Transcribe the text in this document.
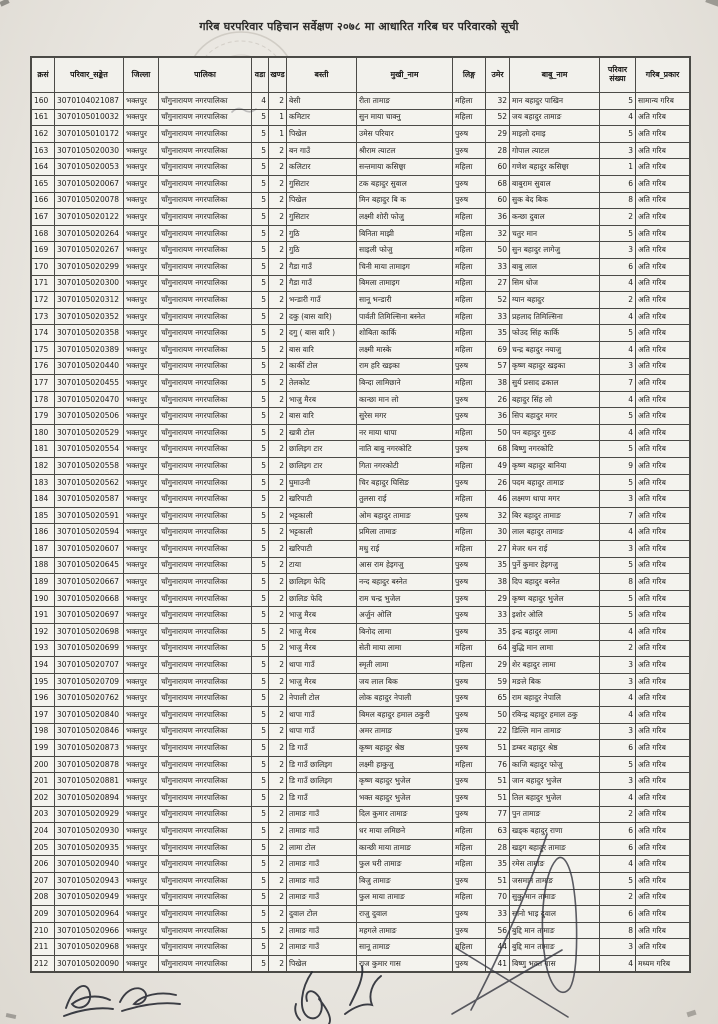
गरिब घरपरिवार पहिचान सर्वेक्षण २०७८ मा आधारित गरिब घर परिवारको सूची
क्रसं	परिवार_सङ्केत	जिल्ला	पालिका	वडा	खण्ड	बस्ती	मुखी_नाम	लिङ्ग	उमेर	बाबु_नाम	परिवार संख्या	गरिब_प्रकार
160	3070104021087	भक्तपुर	चाँगुनारायण नगरपालिका	4	2	बेसी	रीता तामाङ	महिला	32	मान बहादुर पाखिन	5	सामान्य गरिब
161	3070105010032	भक्तपुर	चाँगुनारायण नगरपालिका	5	1	कमिटार	सुन माया चाक्नु	महिला	52	जय बहादुर तामाङ	4	अति गरिब
162	3070105010172	भक्तपुर	चाँगुनारायण नगरपालिका	5	1	पिखेल	उमेस परियार	पुरुष	29	माइलो दमाइ	5	अति गरिब
163	3070105020030	भक्तपुर	चाँगुनारायण नगरपालिका	5	2	बन गाउँ	श्रीराम त्याटल	पुरुष	28	गोपाल त्याटल	3	अति गरिब
164	3070105020053	भक्तपुर	चाँगुनारायण नगरपालिका	5	2	कलिटार	सन्तमाया कसिछ्वा	महिला	60	गणेश बहादुर कसिछ्वा	1	अति गरिब
165	3070105020067	भक्तपुर	चाँगुनारायण नगरपालिका	5	2	गुसिटार	टक बहादुर सुवाल	पुरुष	68	बाबुराम सुवाल	6	अति गरिब
166	3070105020078	भक्तपुर	चाँगुनारायण नगरपालिका	5	2	पिखेल	मिन बहादुर बि क	पुरुष	60	सुक बेद बिक	8	अति गरिब
167	3070105020122	भक्तपुर	चाँगुनारायण नगरपालिका	5	2	गुसिटार	लक्ष्मी शोरी फोजु	महिला	36	कन्छा दुवाल	2	अति गरिब
168	3070105020264	भक्तपुर	चाँगुनारायण नगरपालिका	5	2	गुठि	बिनिता माझी	महिला	32	चतुर मान	5	अति गरिब
169	3070105020267	भक्तपुर	चाँगुनारायण नगरपालिका	5	2	गुठि	साइली फोजु	महिला	50	सुन बहादुर लागेजु	3	अति गरिब
170	3070105020299	भक्तपुर	चाँगुनारायण नगरपालिका	5	2	गैडा गाउँ	चिनी माया तामाइग	महिला	33	बाबु लाल	6	अति गरिब
171	3070105020300	भक्तपुर	चाँगुनारायण नगरपालिका	5	2	गैडा गाउँ	बिमला तामाइग	महिला	27	सिम धोज	4	अति गरिब
172	3070105020312	भक्तपुर	चाँगुनारायण नगरपालिका	5	2	भन्डारी गाउँ	सानू भन्डारी	महिला	52	ग्यान बहादुर	2	अति गरिब
173	3070105020352	भक्तपुर	चाँगुनारायण नगरपालिका	5	2	दकु (बास वारि)	पार्वती तिमिल्सिना बस्नेत	महिला	33	प्रहलाद तिमिल्सिना	4	अति गरिब
174	3070105020358	भक्तपुर	चाँगुनारायण नगरपालिका	5	2	दगु ( बास वारि )	शोबिता कार्कि	महिला	35	फोउद सिंह कार्कि	5	अति गरिब
175	3070105020389	भक्तपुर	चाँगुनारायण नगरपालिका	5	2	बास वारि	लक्ष्मी मास्के	महिला	69	चन्द्र बहादुर नयाजु	4	अति गरिब
176	3070105020440	भक्तपुर	चाँगुनारायण नगरपालिका	5	2	कार्की टोल	राम हरि खइका	पुरुष	57	कृष्ण बहादुर खइका	3	अति गरिब
177	3070105020455	भक्तपुर	चाँगुनारायण नगरपालिका	5	2	तेलकोट	बिन्दा लामिछाने	महिला	38	सुर्य प्रसाद ढकाल	7	अति गरिब
178	3070105020470	भक्तपुर	चाँगुनारायण नगरपालिका	5	2	भाजु मैरब	कान्छा मान लो	पुरुष	26	बहादुर सिंह लो	4	अति गरिब
179	3070105020506	भक्तपुर	चाँगुनारायण नगरपालिका	5	2	बास वारि	सुरेस मगर	पुरुष	36	सिप बहादुर मगर	5	अति गरिब
180	3070105020529	भक्तपुर	चाँगुनारायण नगरपालिका	5	2	खत्री टोल	नर माया थापा	महिला	50	पन बहादुर गुरुङ	4	अति गरिब
181	3070105020554	भक्तपुर	चाँगुनारायण नगरपालिका	5	2	छालिइग टार	नाति बाबु नगरकोटि	पुरुष	68	बिष्णु नगरकोटि	5	अति गरिब
182	3070105020558	भक्तपुर	चाँगुनारायण नगरपालिका	5	2	छालिइग टार	गिता नगरकोटी	महिला	49	कृष्ण बहादुर बानिया	9	अति गरिब
183	3070105020562	भक्तपुर	चाँगुनारायण नगरपालिका	5	2	घुमाउनी	चिर बहादुर घिसिङ	पुरुष	26	पदम बहादुर तामाङ	5	अति गरिब
184	3070105020587	भक्तपुर	चाँगुनारायण नगरपालिका	5	2	खरिपाटी	तुलसा राई	महिला	46	लक्ष्मण थापा मगर	3	अति गरिब
185	3070105020591	भक्तपुर	चाँगुनारायण नगरपालिका	5	2	भट्टकाली	ओम बहादुर तामाङ	पुरुष	32	बिर बहादुर तामाङ	7	अति गरिब
186	3070105020594	भक्तपुर	चाँगुनारायण नगरपालिका	5	2	भट्टकाली	प्रमिला तामाङ	महिला	30	लाल बहादुर तामाङ	4	अति गरिब
187	3070105020607	भक्तपुर	चाँगुनारायण नगरपालिका	5	2	खरिपाटी	मधु राई	महिला	27	मेजर धन राई	3	अति गरिब
188	3070105020645	भक्तपुर	चाँगुनारायण नगरपालिका	5	2	टाया	आस राम हेइगजु	पुरुष	35	पुर्ने कुमार हेइगजु	5	अति गरिब
189	3070105020667	भक्तपुर	चाँगुनारायण नगरपालिका	5	2	छालिइग फेदि	नन्द बहादुर बस्नेत	पुरुष	38	दिप बहादुर बस्नेत	8	अति गरिब
190	3070105020668	भक्तपुर	चाँगुनारायण नगरपालिका	5	2	छालिङ फेदि	राम चन्द्र भुजेल	पुरुष	29	कृष्ण बहादुर भुजेल	5	अति गरिब
191	3070105020697	भक्तपुर	चाँगुनारायण नगरपालिका	5	2	भाजु मैरब	अर्जुन ओलि	पुरुष	33	इशोर ओलि	5	अति गरिब
192	3070105020698	भक्तपुर	चाँगुनारायण नगरपालिका	5	2	भाजु मैरब	बिनोद लामा	पुरुष	35	इन्द्र बहादुर लामा	4	अति गरिब
193	3070105020699	भक्तपुर	चाँगुनारायण नगरपालिका	5	2	भाजु मैरब	सेती माया लामा	महिला	64	बुद्धि मान लामा	2	अति गरिब
194	3070105020707	भक्तपुर	चाँगुनारायण नगरपालिका	5	2	थापा गाउँ	स्मृती लामा	महिला	29	शेर बहादुर लामा	3	अति गरिब
195	3070105020709	भक्तपुर	चाँगुनारायण नगरपालिका	5	2	भाजु मैरब	जय लाल बिक	पुरुष	59	मङले बिक	3	अति गरिब
196	3070105020762	भक्तपुर	चाँगुनारायण नगरपालिका	5	2	नेपाली टोल	लोक बहादुर नेपाली	पुरुष	65	राम बहादुर नेपालि	4	अति गरिब
197	3070105020840	भक्तपुर	चाँगुनारायण नगरपालिका	5	2	थापा गाउँ	बिमल बहादुर हमाल ठकुरी	पुरुष	50	रबिन्द्र बहादुर हमाल ठकु	4	अति गरिब
198	3070105020846	भक्तपुर	चाँगुनारायण नगरपालिका	5	2	थापा गाउँ	अमर तामाङ	पुरुष	22	डिल्लि मान तामाङ	3	अति गरिब
199	3070105020873	भक्तपुर	चाँगुनारायण नगरपालिका	5	2	डि गाउँ	कृष्ण बहादुर श्रेष्ठ	पुरुष	51	डम्बर बहादुर श्रेष्ठ	6	अति गरिब
200	3070105020878	भक्तपुर	चाँगुनारायण नगरपालिका	5	2	डि गाउँ छालिइग	लक्ष्मी हाकुजु	महिला	76	काजि बहादुर फोजु	5	अति गरिब
201	3070105020881	भक्तपुर	चाँगुनारायण नगरपालिका	5	2	डि गाउँ छालिइग	कृष्ण बहादुर भुजेल	पुरुष	51	जान बहादुर भुजेल	3	अति गरिब
202	3070105020894	भक्तपुर	चाँगुनारायण नगरपालिका	5	2	डि गाउँ	भक्त बहादुर भुजेल	पुरुष	51	तिल बहादुर भुजेल	4	अति गरिब
203	3070105020929	भक्तपुर	चाँगुनारायण नगरपालिका	5	2	तामाङ गाउँ	दिल कुमार तामाङ	पुरुष	77	पुन तामाङ	2	अति गरिब
204	3070105020930	भक्तपुर	चाँगुनारायण नगरपालिका	5	2	तामाङ गाउँ	धर माया लमिछने	महिला	63	खड्क बहादुर राणा	6	अति गरिब
205	3070105020935	भक्तपुर	चाँगुनारायण नगरपालिका	5	2	लामा टोल	कान्छी माया तामाङ	महिला	28	खड्ग बहादुर तामाङ	6	अति गरिब
206	3070105020940	भक्तपुर	चाँगुनारायण नगरपालिका	5	2	तामाङ गाउँ	फुल घरी तामाङ	महिला	35	रमेस तामाङ	4	अति गरिब
207	3070105020943	भक्तपुर	चाँगुनारायण नगरपालिका	5	2	तामाङ गाउँ	बिजु तामाङ	पुरुष	51	जसमान तामाङ	5	अति गरिब
208	3070105020949	भक्तपुर	चाँगुनारायण नगरपालिका	5	2	तामाङ गाउँ	फुल माया तामाङ	महिला	70	सुकु मान तामाङ	2	अति गरिब
209	3070105020964	भक्तपुर	चाँगुनारायण नगरपालिका	5	2	दुवाल टोल	राजु दुवाल	पुरुष	33	सानो भाइ दुवाल	6	अति गरिब
210	3070105020966	भक्तपुर	चाँगुनारायण नगरपालिका	5	2	तामाङ गाउँ	महगले तामाङ	पुरुष	56	बुद्दि मान तामाङ	8	अति गरिब
211	3070105020968	भक्तपुर	चाँगुनारायण नगरपालिका	5	2	तामाङ गाउँ	सानू तामाङ	महिला	44	बुद्दि मान तामाङ	3	अति गरिब
212	3070105020090	भक्तपुर	चाँगुनारायण नगरपालिका	5	2	पिखेल	राज कुमार गास	पुरुष	41	बिष्णु भक्त गास	4	मध्यम गरिब
